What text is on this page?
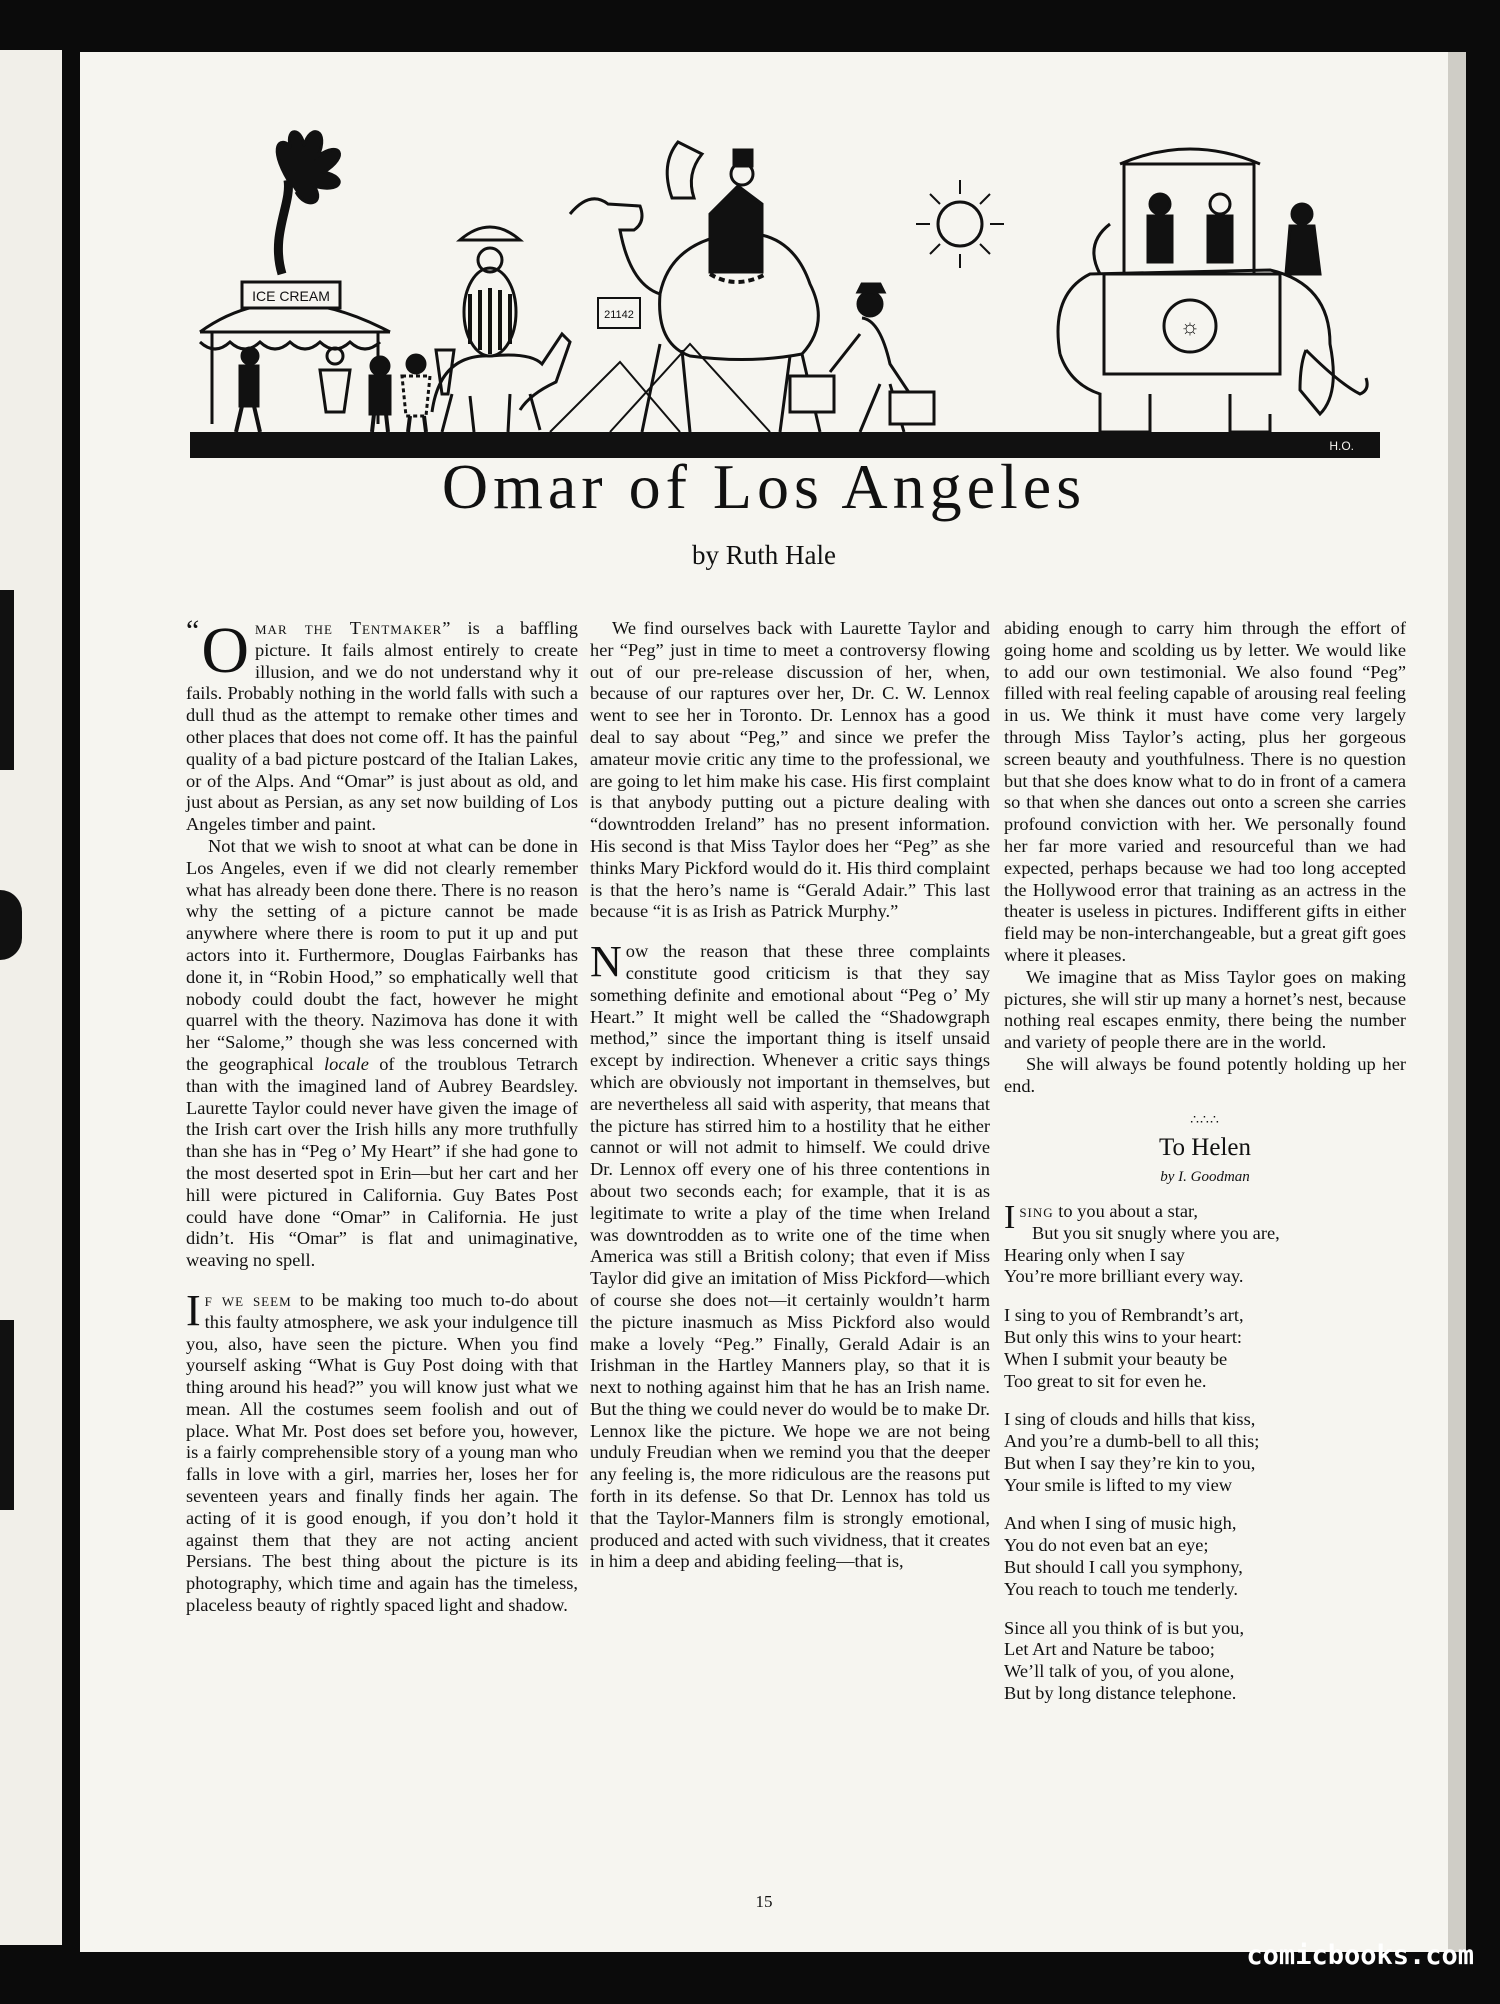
ICE CREAM
21142	☼
H.O.
Omar of Los Angeles

by Ruth Hale

“ O mar the Tentmaker” is a baffling picture. It fails almost entirely to create illusion, and we do not understand why it fails. Probably nothing in the world falls with such a dull thud as the attempt to remake other times and other places that does not come off. It has the painful quality of a bad picture postcard of the Italian Lakes, or of the Alps. And “Omar” is just about as old, and just about as Persian, as any set now building of Los Angeles timber and paint.

Not that we wish to snoot at what can be done in Los Angeles, even if we did not clearly remember what has already been done there. There is no reason why the setting of a picture cannot be made anywhere where there is room to put it up and put actors into it. Furthermore, Douglas Fairbanks has done it, in “Robin Hood,” so emphatically well that nobody could doubt the fact, however he might quarrel with the theory. Nazimova has done it with her “Salome,” though she was less concerned with the geographical locale of the troublous Tetrarch than with the imagined land of Aubrey Beardsley. Laurette Taylor could never have given the image of the Irish cart over the Irish hills any more truthfully than she has in “Peg o’ My Heart” if she had gone to the most deserted spot in Erin—but her cart and her hill were pictured in California. Guy Bates Post could have done “Omar” in California. He just didn’t. His “Omar” is flat and unimaginative, weaving no spell.

If we seem to be making too much to-do about this faulty atmosphere, we ask your indulgence till you, also, have seen the picture. When you find yourself asking “What is Guy Post doing with that thing around his head?” you will know just what we mean. All the costumes seem foolish and out of place. What Mr. Post does set before you, however, is a fairly comprehensible story of a young man who falls in love with a girl, marries her, loses her for seventeen years and finally finds her again. The acting of it is good enough, if you don’t hold it against them that they are not acting ancient Persians. The best thing about the picture is its photography, which time and again has the timeless, placeless beauty of rightly spaced light and shadow.

We find ourselves back with Laurette Taylor and her “Peg” just in time to meet a controversy flowing out of our pre-release discussion of her, when, because of our raptures over her, Dr. C. W. Lennox went to see her in Toronto. Dr. Lennox has a good deal to say about “Peg,” and since we prefer the amateur movie critic any time to the professional, we are going to let him make his case. His first complaint is that anybody putting out a picture dealing with “downtrodden Ireland” has no present information. His second is that Miss Taylor does her “Peg” as she thinks Mary Pickford would do it. His third complaint is that the hero’s name is “Gerald Adair.” This last because “it is as Irish as Patrick Murphy.”

Now the reason that these three complaints constitute good criticism is that they say something definite and emotional about “Peg o’ My Heart.” It might well be called the “Shadowgraph method,” since the important thing is itself unsaid except by indirection. Whenever a critic says things which are obviously not important in themselves, but are nevertheless all said with asperity, that means that the picture has stirred him to a hostility that he either cannot or will not admit to himself. We could drive Dr. Lennox off every one of his three contentions in about two seconds each; for example, that it is as legitimate to write a play of the time when Ireland was downtrodden as to write one of the time when America was still a British colony; that even if Miss Taylor did give an imitation of Miss Pickford—which of course she does not—it certainly wouldn’t harm the picture inasmuch as Miss Pickford also would make a lovely “Peg.” Finally, Gerald Adair is an Irishman in the Hartley Manners play, so that it is next to nothing against him that he has an Irish name. But the thing we could never do would be to make Dr. Lennox like the picture. We hope we are not being unduly Freudian when we remind you that the deeper any feeling is, the more ridiculous are the reasons put forth in its defense. So that Dr. Lennox has told us that the Taylor-Manners film is strongly emotional, produced and acted with such vividness, that it creates in him a deep and abiding feeling—that is,

abiding enough to carry him through the effort of going home and scolding us by letter. We would like to add our own testimonial. We also found “Peg” filled with real feeling capable of arousing real feeling in us. We think it must have come very largely through Miss Taylor’s acting, plus her gorgeous screen beauty and youthfulness. There is no question but that she does know what to do in front of a camera so that when she dances out onto a screen she carries profound conviction with her. We personally found her far more varied and resourceful than we had expected, perhaps because we had too long accepted the Hollywood error that training as an actress in the theater is useless in pictures. Indifferent gifts in either field may be non-interchangeable, but a great gift goes where it pleases.

We imagine that as Miss Taylor goes on making pictures, she will stir up many a hornet’s nest, because nothing real escapes enmity, there being the number and variety of people there are in the world.

She will always be found potently holding up her end.

∴∴∴
To Helen
by I. Goodman
Ising to you about a star,
But you sit snugly where you are,
Hearing only when I say
You’re more brilliant every way.
I sing to you of Rembrandt’s art,
But only this wins to your heart:
When I submit your beauty be
Too great to sit for even he.
I sing of clouds and hills that kiss,
And you’re a dumb-bell to all this;
But when I say they’re kin to you,
Your smile is lifted to my view
And when I sing of music high,
You do not even bat an eye;
But should I call you symphony,
You reach to touch me tenderly.
Since all you think of is but you,
Let Art and Nature be taboo;
We’ll talk of you, of you alone,
But by long distance telephone.
15
comicbooks.com
